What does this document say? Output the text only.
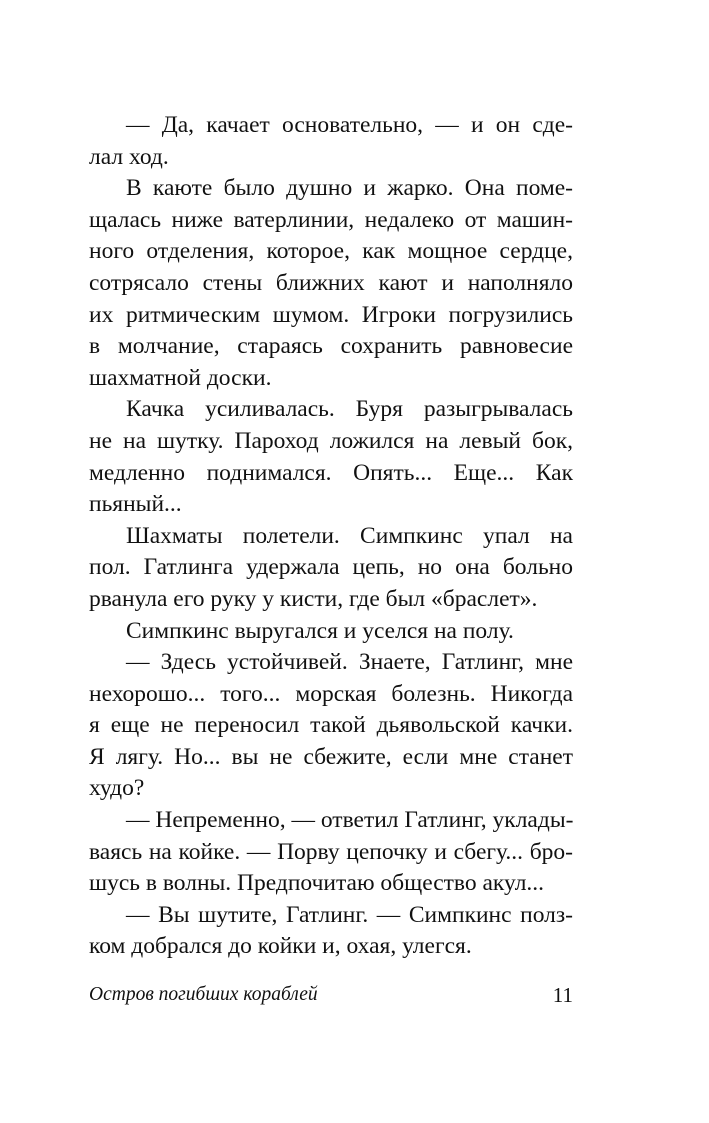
— Да, качает основательно, — и он сде-
лал ход.
В каюте было душно и жарко. Она поме-
щалась ниже ватерлинии, недалеко от машин-
ного отделения, которое, как мощное сердце,
сотрясало стены ближних кают и наполняло
их ритмическим шумом. Игроки погрузились
в молчание, стараясь сохранить равновесие
шахматной доски.
Качка усиливалась. Буря разыгрывалась
не на шутку. Пароход ложился на левый бок,
медленно поднимался. Опять... Еще... Как
пьяный...
Шахматы полетели. Симпкинс упал на
пол. Гатлинга удержала цепь, но она больно
рванула его руку у кисти, где был «браслет».
Симпкинс выругался и уселся на полу.
— Здесь устойчивей. Знаете, Гатлинг, мне
нехорошо... того... морская болезнь. Никогда
я еще не переносил такой дьявольской качки.
Я лягу. Но... вы не сбежите, если мне станет
худо?
— Непременно, — ответил Гатлинг, уклады-
ваясь на койке. — Порву цепочку и сбегу... бро-
шусь в волны. Предпочитаю общество акул...
— Вы шутите, Гатлинг. — Симпкинс полз-
ком добрался до койки и, охая, улегся.
Остров погибших кораблей	11
